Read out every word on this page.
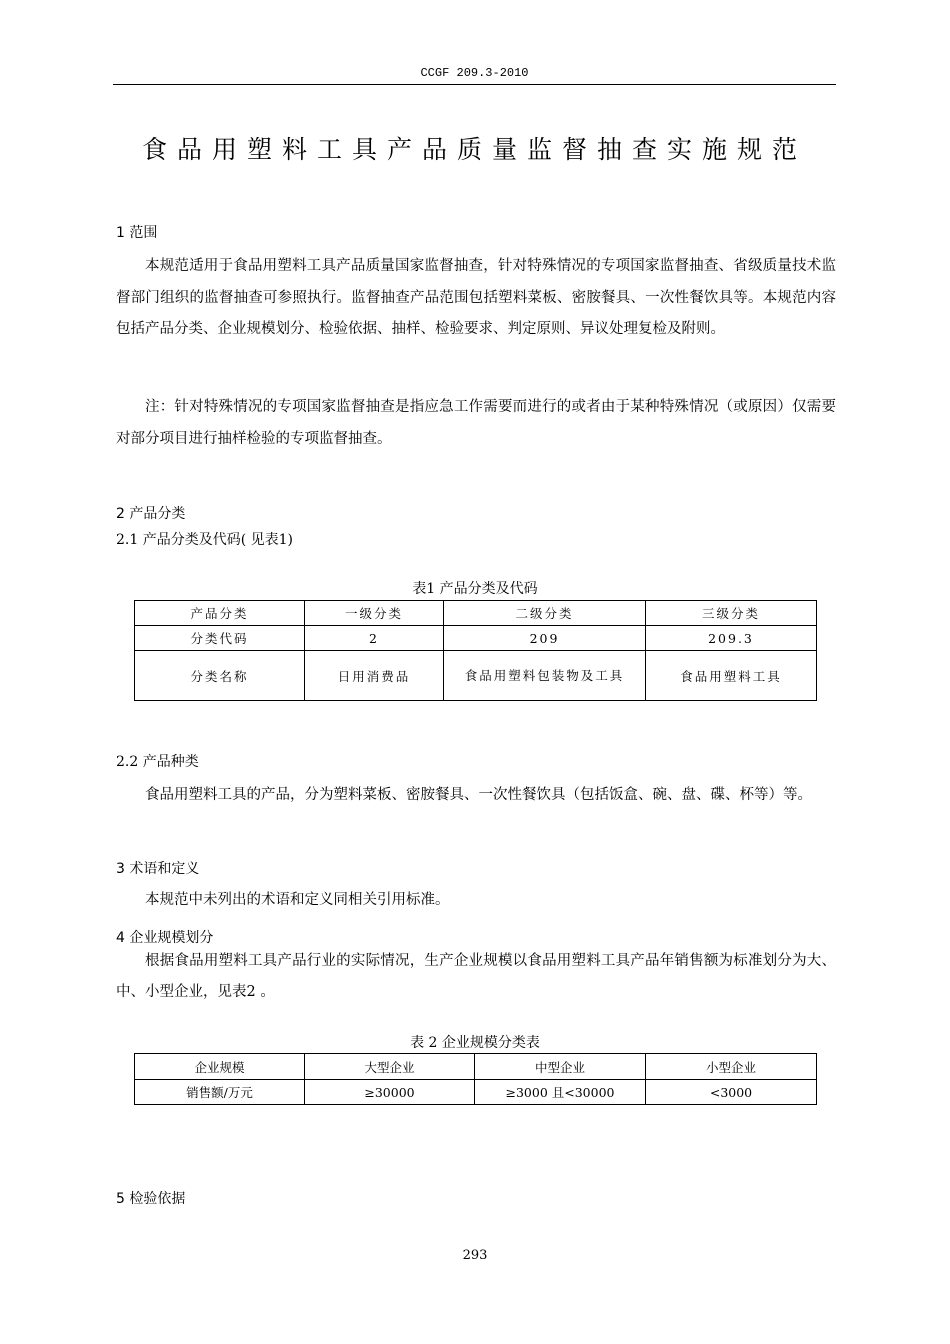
CCGF 209.3-2010
食品用塑料工具产品质量监督抽查实施规范
1 范围

本规范适用于食品用塑料工具产品质量国家监督抽查，针对特殊情况的专项国家监督抽查、省级质量技术监督部门组织的监督抽查可参照执行。监督抽查产品范围包括塑料菜板、密胺餐具、一次性餐饮具等。本规范内容包括产品分类、企业规模划分、检验依据、抽样、检验要求、判定原则、异议处理复检及附则。

注：针对特殊情况的专项国家监督抽查是指应急工作需要而进行的或者由于某种特殊情况（或原因）仅需要对部分项目进行抽样检验的专项监督抽查。

2 产品分类
2.1 产品分类及代码( 见表1)
表1 产品分类及代码
产品分类	一级分类	二级分类	三级分类
分类代码	2	209	209.3
分类名称	日用消费品	食品用塑料包装物及工具	食品用塑料工具
2.2 产品种类

食品用塑料工具的产品，分为塑料菜板、密胺餐具、一次性餐饮具（包括饭盒、碗、盘、碟、杯等）等。

3 术语和定义

本规范中未列出的术语和定义同相关引用标准。

4 企业规模划分

根据食品用塑料工具产品行业的实际情况，生产企业规模以食品用塑料工具产品年销售额为标准划分为大、中、小型企业，见表2 。

表 2 企业规模分类表
企业规模	大型企业	中型企业	小型企业
销售额/万元	≥30000	≥3000 且<30000	<3000
5 检验依据
293
